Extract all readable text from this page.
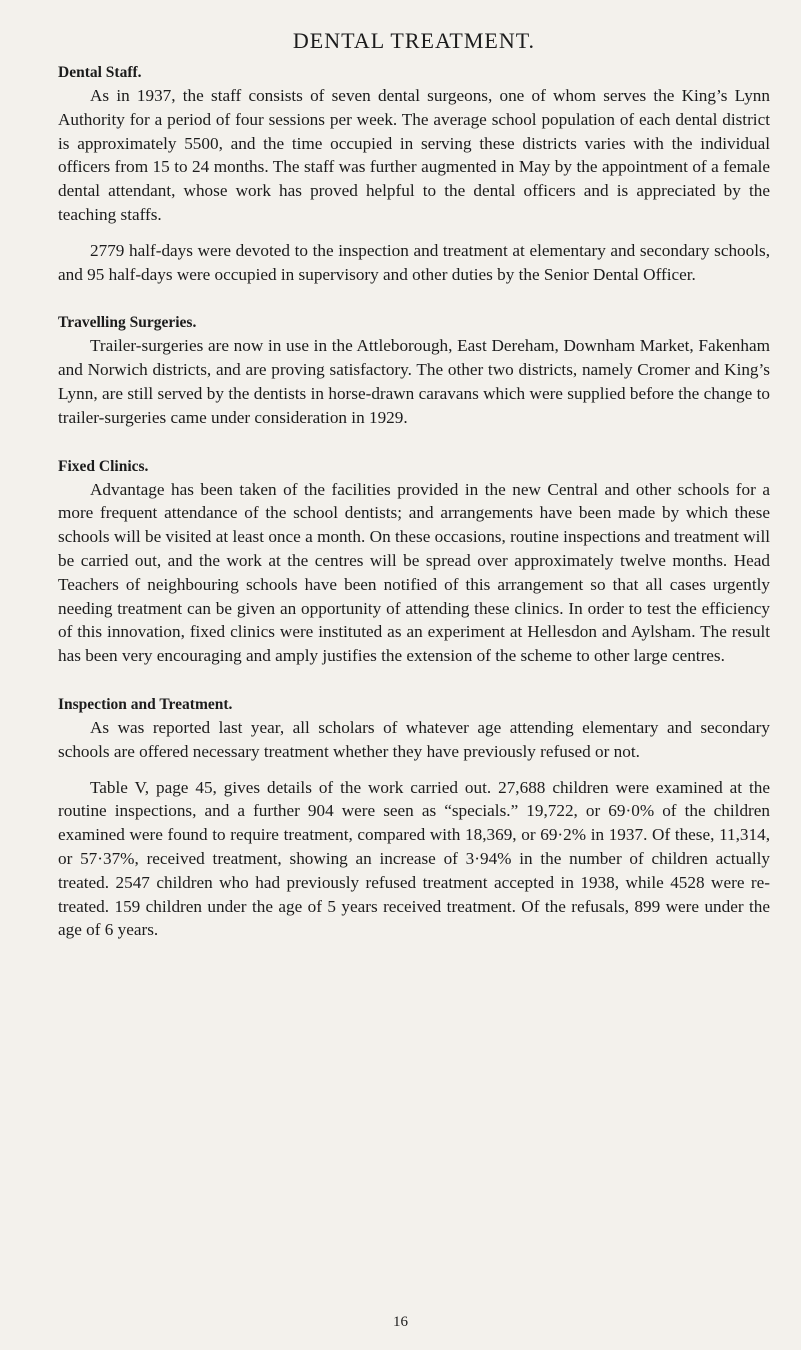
DENTAL TREATMENT.
Dental Staff.

As in 1937, the staff consists of seven dental surgeons, one of whom serves the King’s Lynn Authority for a period of four sessions per week. The average school population of each dental district is approximately 5500, and the time occupied in serving these districts varies with the individual officers from 15 to 24 months. The staff was further augmented in May by the appointment of a female dental attendant, whose work has proved helpful to the dental officers and is appreciated by the teaching staffs.

2779 half-days were devoted to the inspection and treatment at elementary and secondary schools, and 95 half-days were occupied in supervisory and other duties by the Senior Dental Officer.

Travelling Surgeries.

Trailer-surgeries are now in use in the Attleborough, East Dereham, Downham Market, Fakenham and Norwich districts, and are proving satisfactory. The other two districts, namely Cromer and King’s Lynn, are still served by the dentists in horse-drawn caravans which were supplied before the change to trailer-surgeries came under consideration in 1929.

Fixed Clinics.

Advantage has been taken of the facilities provided in the new Central and other schools for a more frequent attendance of the school dentists; and arrangements have been made by which these schools will be visited at least once a month. On these occasions, routine inspections and treatment will be carried out, and the work at the centres will be spread over approximately twelve months. Head Teachers of neighbouring schools have been notified of this arrangement so that all cases urgently needing treatment can be given an opportunity of attending these clinics. In order to test the efficiency of this innovation, fixed clinics were instituted as an experiment at Hellesdon and Aylsham. The result has been very encouraging and amply justifies the extension of the scheme to other large centres.

Inspection and Treatment.

As was reported last year, all scholars of whatever age attending elementary and secondary schools are offered necessary treatment whether they have previously refused or not.

Table V, page 45, gives details of the work carried out. 27,688 children were examined at the routine inspections, and a further 904 were seen as “specials.” 19,722, or 69·0% of the children examined were found to require treatment, compared with 18,369, or 69·2% in 1937. Of these, 11,314, or 57·37%, received treatment, showing an increase of 3·94% in the number of children actually treated. 2547 children who had previously refused treatment accepted in 1938, while 4528 were re-treated. 159 children under the age of 5 years received treatment. Of the refusals, 899 were under the age of 6 years.

16
